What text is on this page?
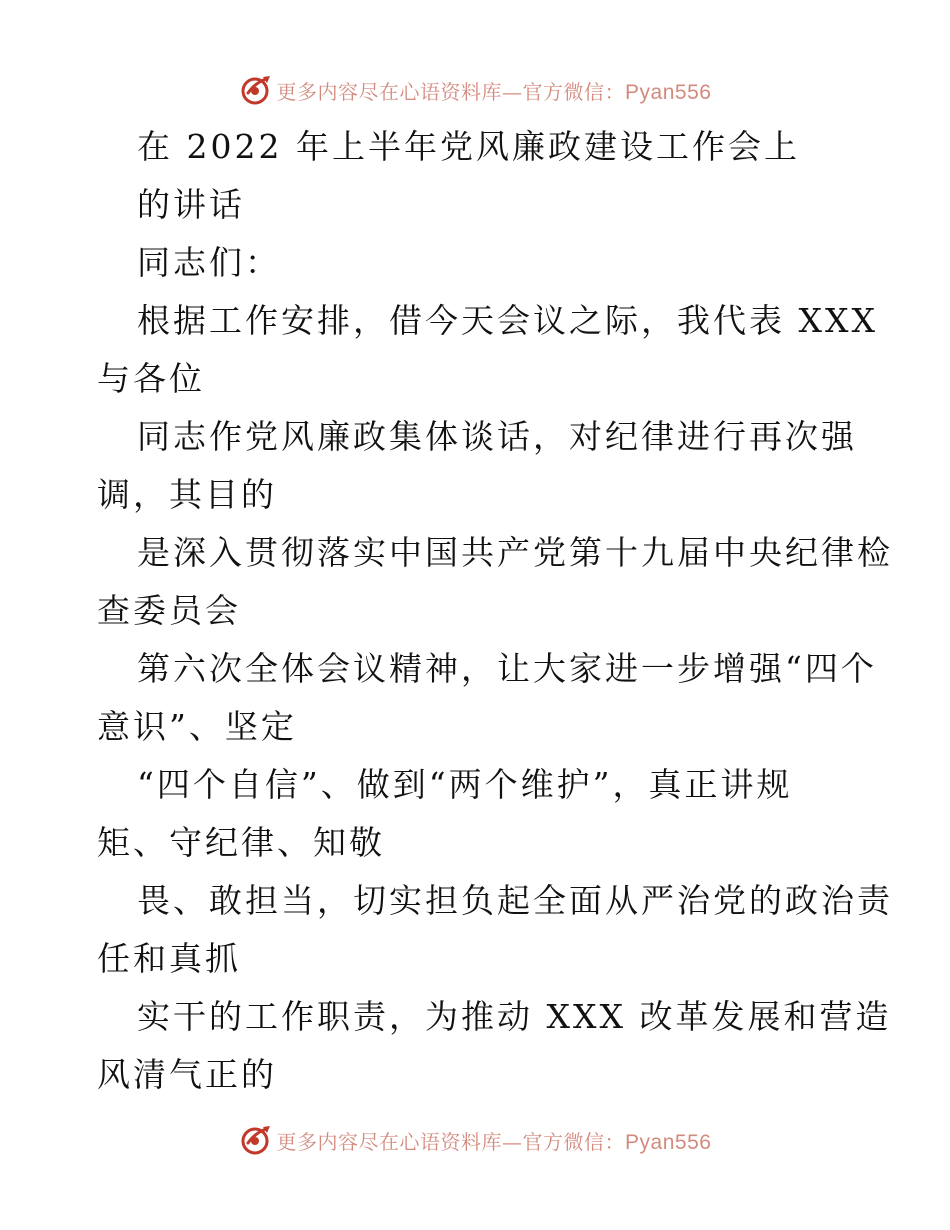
更多内容尽在心语资料库—官方微信：Pyan556
在 2022 年上半年党风廉政建设工作会上
的讲话
同志们：
根据工作安排，借今天会议之际，我代表 XXX
与各位
同志作党风廉政集体谈话，对纪律进行再次强
调，其目的
是深入贯彻落实中国共产党第十九届中央纪律检
查委员会
第六次全体会议精神，让大家进一步增强“四个
意识”、坚定
“四个自信”、做到“两个维护”，真正讲规
矩、守纪律、知敬
畏、敢担当，切实担负起全面从严治党的政治责
任和真抓
实干的工作职责，为推动 XXX 改革发展和营造
风清气正的
更多内容尽在心语资料库—官方微信：Pyan556
